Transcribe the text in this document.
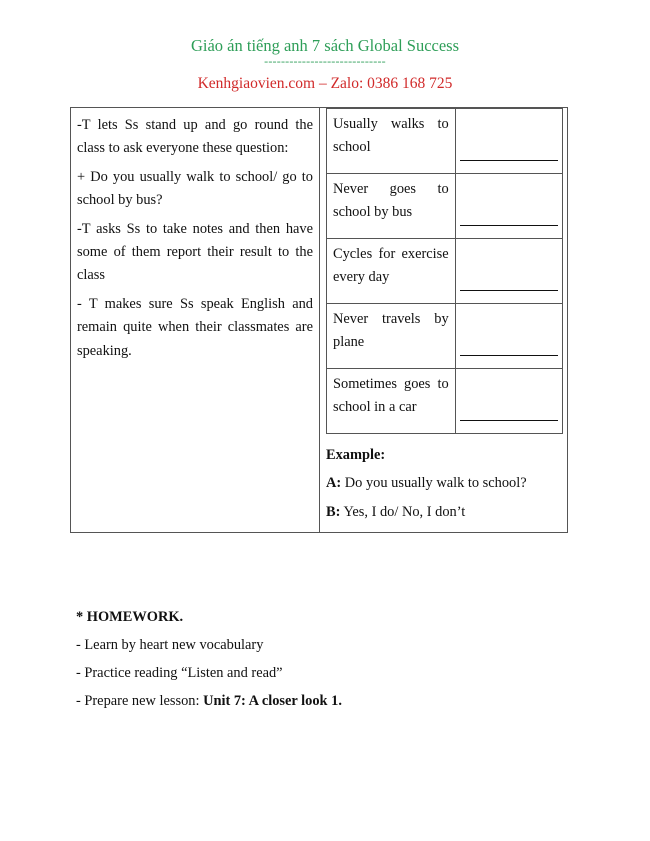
Giáo án tiếng anh 7 sách Global Success
-----------------------------
Kenhgiaovien.com – Zalo: 0386 168 725

-T lets Ss stand up and go round the class to ask everyone these question:

+ Do you usually walk to school/ go to school by bus?

-T asks Ss to take notes and then have some of them report their result to the class

- T makes sure Ss speak English and remain quite when their classmates are speaking.

Usually walks to school	

Never goes to school by bus	

Cycles for exercise every day	

Never travels by plane	

Sometimes goes to school in a car	

Example:

A: Do you usually walk to school?

B: Yes, I do/ No, I don’t

* HOMEWORK.

- Learn by heart new vocabulary

- Practice reading “Listen and read”

- Prepare new lesson: Unit 7: A closer look 1.
